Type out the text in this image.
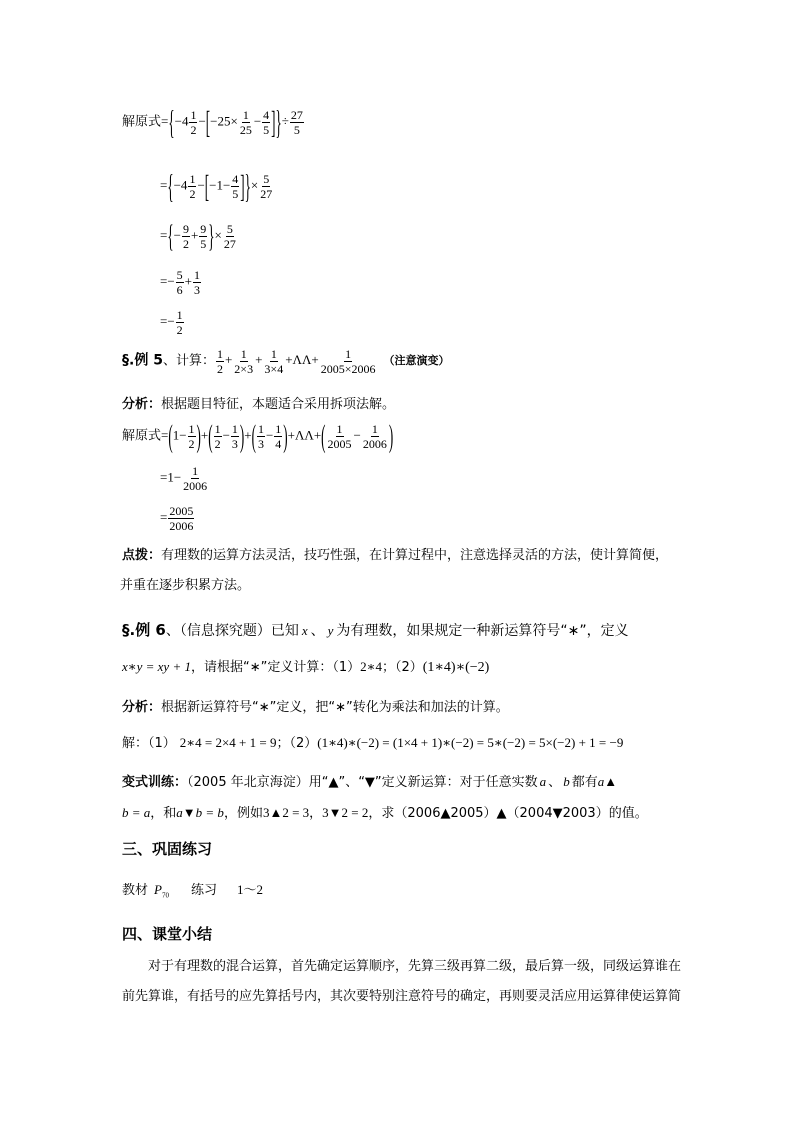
解原式$=\{-4 \frac{1}{2} -[-25\times \frac{1}{25} - \frac{4}{5}$ ]}÷ $\frac{27}{5}$
$=\{-4 \frac{1}{2} -[-1- \frac{4}{5}$ ]}× $\frac{5}{27}$
={− $\frac{9}{2} + \frac{9}{5}$ }× $\frac{5}{27}$
=− $\frac{5}{6} + \frac{1}{3}$
=− $\frac{1}{2}$
§.例 5、计算： $\frac{1}{2} + \frac{1}{2\times 3} + \frac{1}{3\times 4} +\Lambda\Lambda+ \frac{1}{2005\times 2006}$ （注意演变）
分析：根据题目特征，本题适合采用拆项法解。
解原式$=(1- \frac{1}{2}$ )+( $\frac{1}{2} - \frac{1}{3}$ )+( $\frac{1}{3} - \frac{1}{4} )+\Lambda\Lambda+( \frac{1}{2005} - \frac{1}{2006}$ )
$=1- \frac{1}{2006}$
= $\frac{2005}{2006}$
点拨：有理数的运算方法灵活，技巧性强，在计算过程中，注意选择灵活的方法，使计算简便，
并重在逐步积累方法。
§.例 6、（信息探究题）已知 x 、 y 为有理数，如果规定一种新运算符号“∗”，定义
x∗y = xy + 1，请根据“∗”定义计算：（1）2∗4；（2）(1∗4)∗(−2)
分析：根据新运算符号“∗”定义，把“∗”转化为乘法和加法的计算。
解：（1） 2∗4 = 2×4 + 1 = 9；（2）(1∗4)∗(−2) = (1×4 + 1)∗(−2) = 5∗(−2) = 5×(−2) + 1 = −9
变式训练：（2005 年北京海淀）用“▲”、“▼”定义新运算：对于任意实数 a 、 b 都有a▲
b = a，和a▼b = b，例如3▲2 = 3，3▼2 = 2，求（2006▲2005）▲（2004▼2003）的值。
三、巩固练习
教材 $P_{70}$ 练习 1～2
四、课堂小结
对于有理数的混合运算，首先确定运算顺序，先算三级再算二级，最后算一级，同级运算谁在
前先算谁，有括号的应先算括号内，其次要特别注意符号的确定，再则要灵活应用运算律使运算简
